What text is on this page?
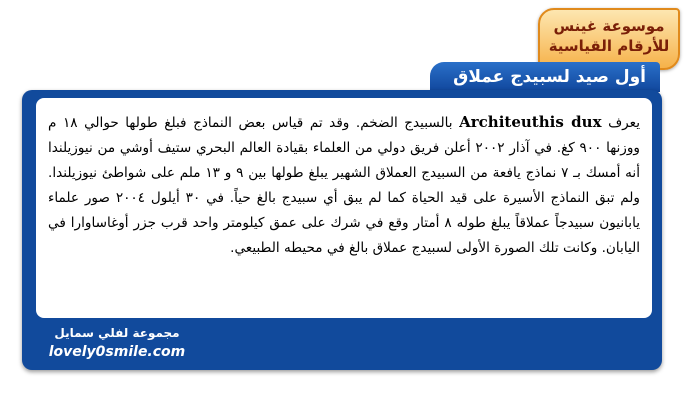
موسوعة غينس
للأرقام القياسية
أول صيد لسبيدج عملاق
يعرف Architeuthis dux بالسبيدج الضخم. وقد تم قياس بعض النماذج فبلغ طولها حوالي ١٨ م ووزنها ٩٠٠ كغ. في آذار ٢٠٠٢ أعلن فريق دولي من العلماء بقيادة العالم البحري ستيف أوشي من نيوزيلندا أنه أمسك بـ ٧ نماذج يافعة من السبيدج العملاق الشهير يبلغ طولها بين ٩ و ١٣ ملم على شواطئ نيوزيلندا. ولم تبق النماذج الأسيرة على قيد الحياة كما لم يبق أي سبيدج بالغ حياً. في ٣٠ أيلول ٢٠٠٤ صور علماء يابانيون سبيدجاً عملاقاً يبلغ طوله ٨ أمتار وقع في شرك على عمق كيلومتر واحد قرب جزر أوغاساوارا في اليابان. وكانت تلك الصورة الأولى لسبيدج عملاق بالغ في محيطه الطبيعي.
مجموعة لفلي سمايل
lovely0smile.com
